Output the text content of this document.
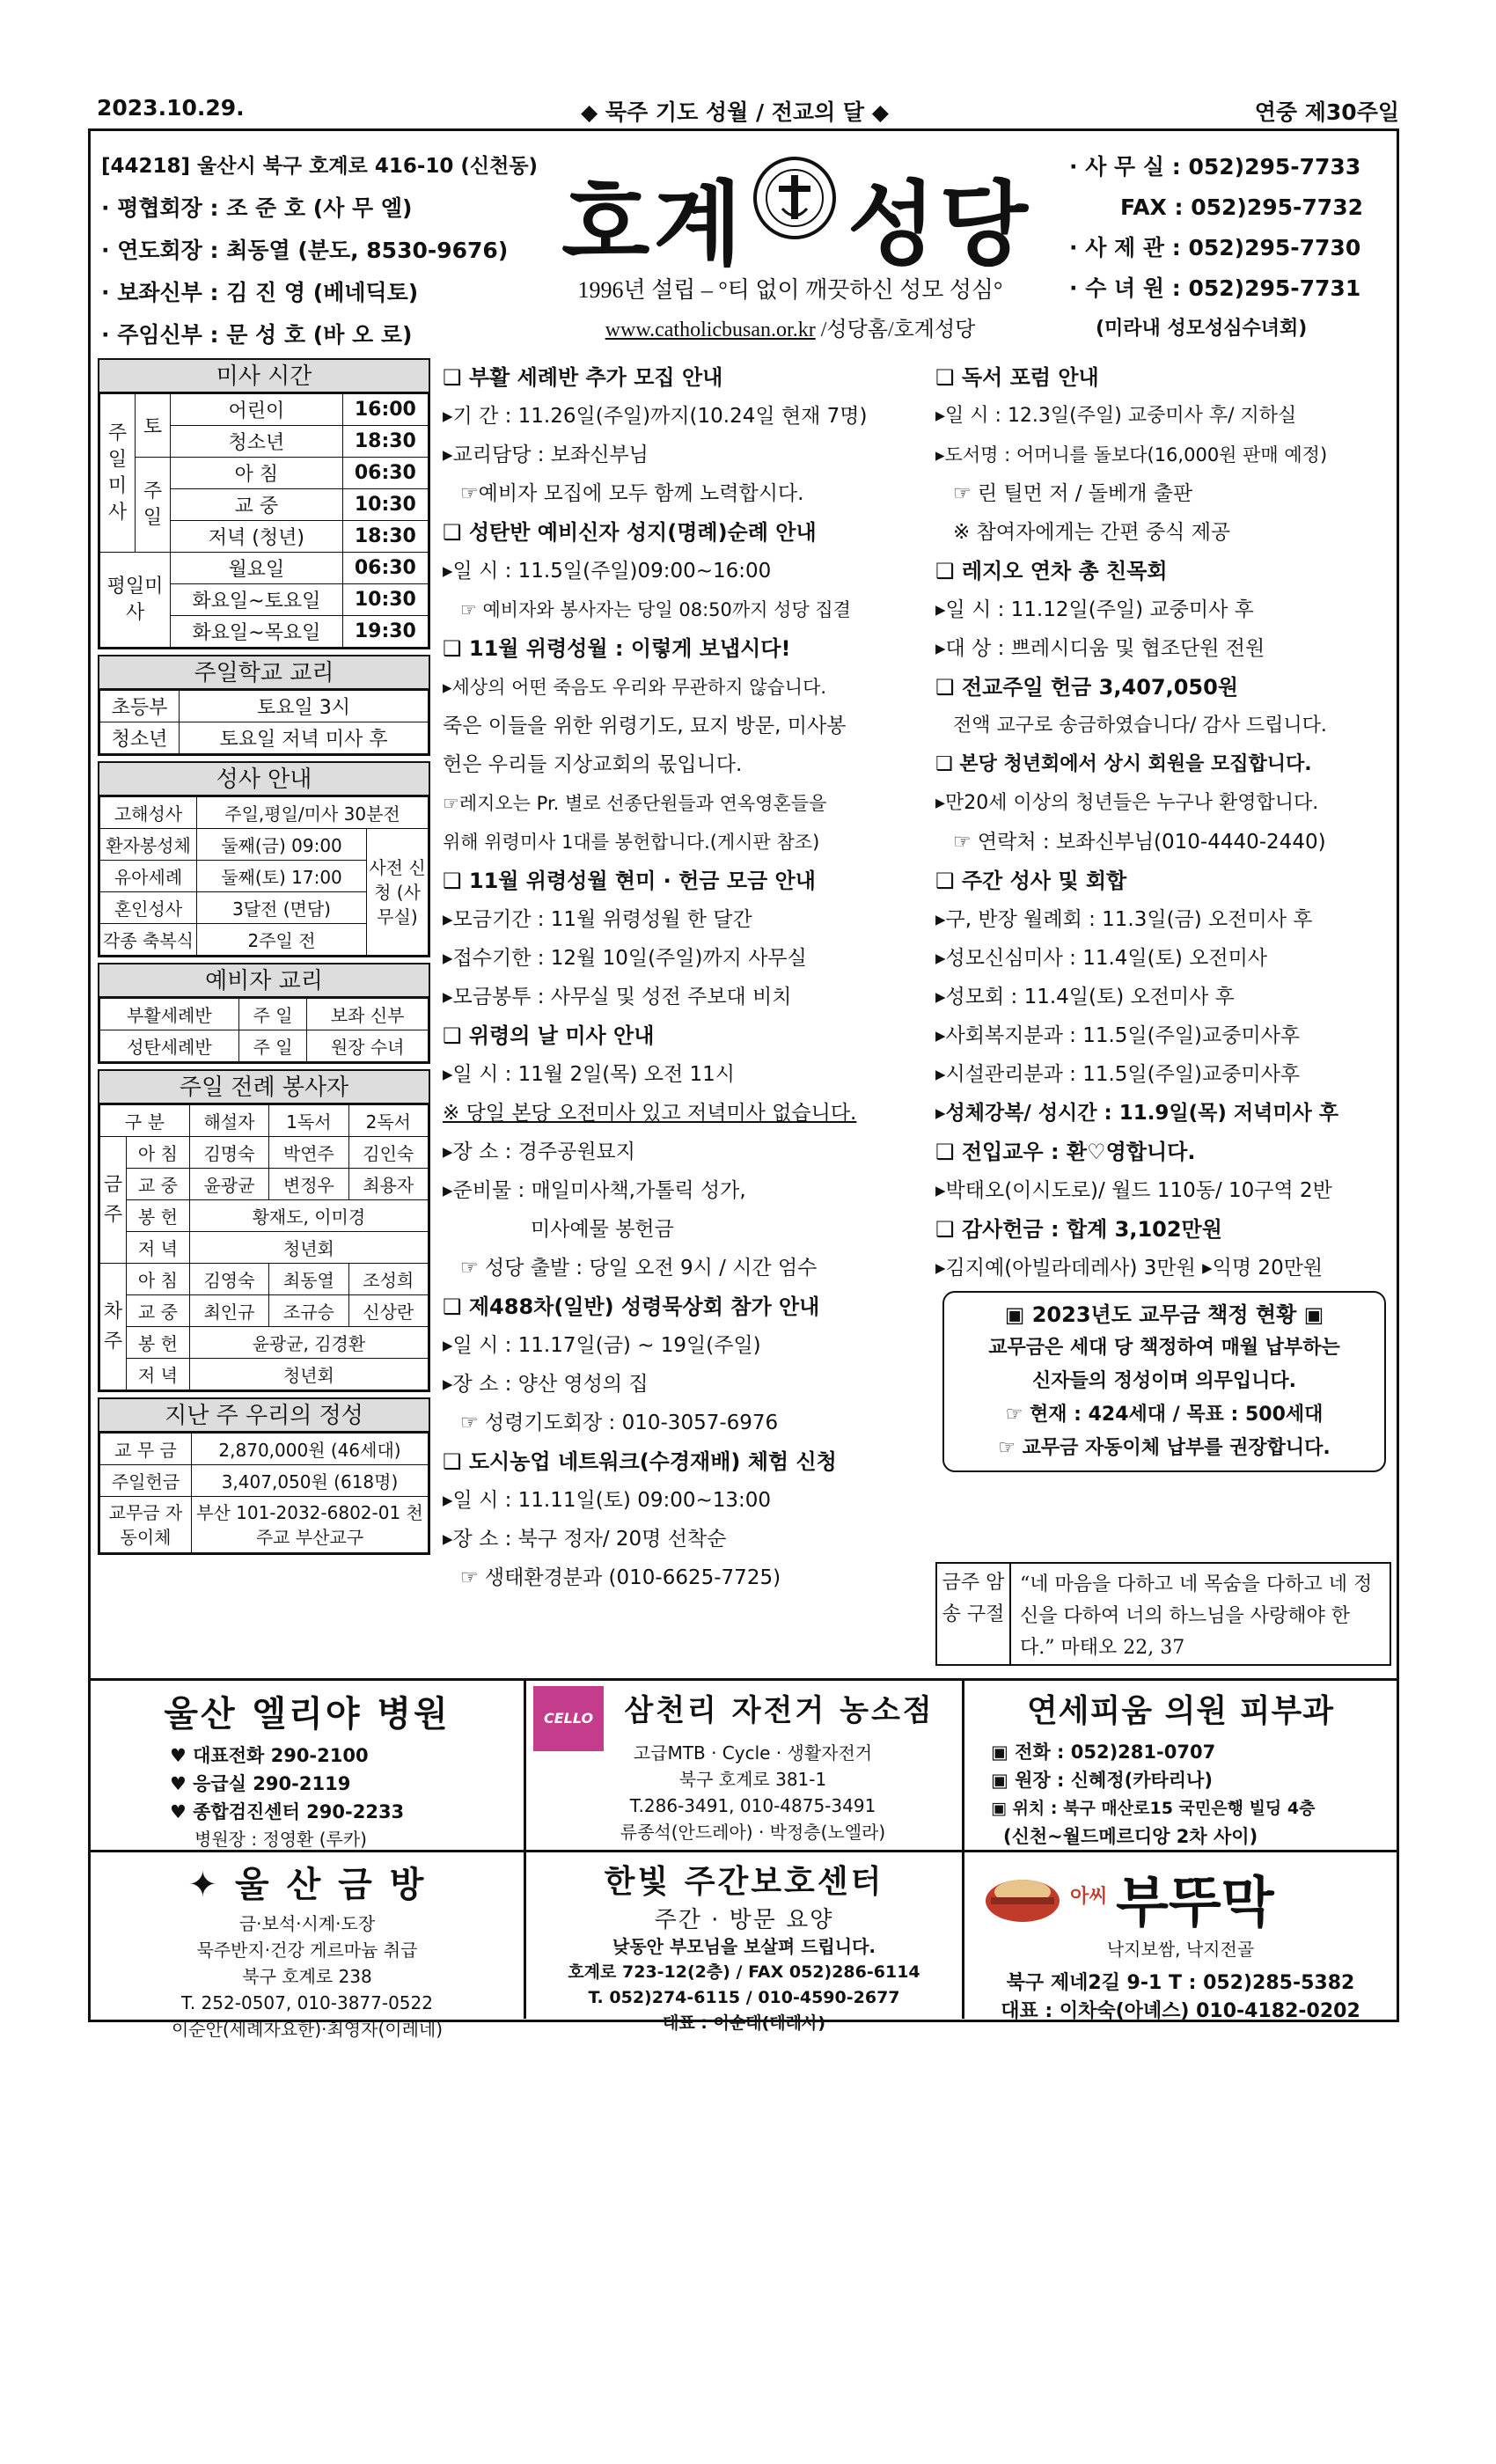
2023.10.29.	◆ 묵주 기도 성월 / 전교의 달 ◆	연중 제30주일
[44218] 울산시 북구 호계로 416-10 (신천동)
· 평협회장 : 조 준 호 (사 무 엘)
· 연도회장 : 최동열 (분도, 8530-9676)
· 보좌신부 : 김 진 영 (베네딕토)
· 주임신부 : 문 성 호 (바 오 로)
호계 성당
1996년 설립 – °티 없이 깨끗하신 성모 성심°
www.catholicbusan.or.kr /성당홈/호계성당
· 사 무 실 : 052)295-7733
FAX : 052)295-7732
· 사 제 관 : 052)295-7730
· 수 녀 원 : 052)295-7731
(미라내 성모성심수녀회)
미사 시간
주일미사	토	어린이	16:00
		청소년	18:30
	주일	아 침	06:30
		교 중	10:30
		저녁 (청년)	18:30
평일미사		월요일	06:30
		화요일~토요일	10:30
		화요일~목요일	19:30
주일학교 교리
초등부	토요일 3시
청소년	토요일 저녁 미사 후
성사 안내
고해성사	주일,평일/미사 30분전	
환자봉성체	둘째(금) 09:00	사전 신청 (사무실)
유아세례	둘째(토) 17:00	
혼인성사	3달전 (면담)	
각종 축복식	2주일 전	
예비자 교리
부활세례반	주 일	보좌 신부
성탄세례반	주 일	원장 수녀
주일 전례 봉사자
구 분		해설자	1독서	2독서
금주	아 침	김명숙	박연주	김인숙
	교 중	윤광균	변정우	최용자
	봉 헌	황재도, 이미경		
	저 녁	청년회		
차주	아 침	김영숙	최동열	조성희
	교 중	최인규	조규승	신상란
	봉 헌	윤광균, 김경환		
	저 녁	청년회		
지난 주 우리의 정성
교 무 금	2,870,000원 (46세대)
주일헌금	3,407,050원 (618명)
교무금 자동이체	부산 101-2032-6802-01 천주교 부산교구
❑ 부활 세례반 추가 모집 안내
▸기 간 : 11.26일(주일)까지(10.24일 현재 7명)
▸교리담당 : 보좌신부님
☞예비자 모집에 모두 함께 노력합시다.
❑ 성탄반 예비신자 성지(명례)순례 안내
▸일 시 : 11.5일(주일)09:00~16:00
☞ 예비자와 봉사자는 당일 08:50까지 성당 집결
❑ 11월 위령성월 : 이렇게 보냅시다!
▸세상의 어떤 죽음도 우리와 무관하지 않습니다.
죽은 이들을 위한 위령기도, 묘지 방문, 미사봉
헌은 우리들 지상교회의 몫입니다.
☞레지오는 Pr. 별로 선종단원들과 연옥영혼들을
위해 위령미사 1대를 봉헌합니다.(게시판 참조)
❑ 11월 위령성월 현미 · 헌금 모금 안내
▸모금기간 : 11월 위령성월 한 달간
▸접수기한 : 12월 10일(주일)까지 사무실
▸모금봉투 : 사무실 및 성전 주보대 비치
❑ 위령의 날 미사 안내
▸일 시 : 11월 2일(목) 오전 11시
※ 당일 본당 오전미사 있고 저녁미사 없습니다.
▸장 소 : 경주공원묘지
▸준비물 : 매일미사책,가톨릭 성가,
미사예물 봉헌금
☞ 성당 출발 : 당일 오전 9시 / 시간 엄수
❑ 제488차(일반) 성령묵상회 참가 안내
▸일 시 : 11.17일(금) ~ 19일(주일)
▸장 소 : 양산 영성의 집
☞ 성령기도회장 : 010-3057-6976
❑ 도시농업 네트워크(수경재배) 체험 신청
▸일 시 : 11.11일(토) 09:00~13:00
▸장 소 : 북구 정자/ 20명 선착순
☞ 생태환경분과 (010-6625-7725)
❑ 독서 포럼 안내
▸일 시 : 12.3일(주일) 교중미사 후/ 지하실
▸도서명 : 어머니를 돌보다(16,000원 판매 예정)
☞ 린 틸먼 저 / 돌베개 출판
※ 참여자에게는 간편 중식 제공
❑ 레지오 연차 총 친목회
▸일 시 : 11.12일(주일) 교중미사 후
▸대 상 : 쁘레시디움 및 협조단원 전원
❑ 전교주일 헌금 3,407,050원
전액 교구로 송금하였습니다/ 감사 드립니다.
❑ 본당 청년회에서 상시 회원을 모집합니다.
▸만20세 이상의 청년들은 누구나 환영합니다.
☞ 연락처 : 보좌신부님(010-4440-2440)
❑ 주간 성사 및 회합
▸구, 반장 월례회 : 11.3일(금) 오전미사 후
▸성모신심미사 : 11.4일(토) 오전미사
▸성모회 : 11.4일(토) 오전미사 후
▸사회복지분과 : 11.5일(주일)교중미사후
▸시설관리분과 : 11.5일(주일)교중미사후
▸성체강복/ 성시간 : 11.9일(목) 저녁미사 후
❑ 전입교우 : 환♡영합니다.
▸박태오(이시도로)/ 월드 110동/ 10구역 2반
❑ 감사헌금 : 합계 3,102만원
▸김지예(아빌라데레사) 3만원 ▸익명 20만원
▣ 2023년도 교무금 책정 현황 ▣
교무금은 세대 당 책정하여 매월 납부하는
신자들의 정성이며 의무입니다.
☞ 현재 : 424세대 / 목표 : 500세대
☞ 교무금 자동이체 납부를 권장합니다.
금주 암송 구절
“네 마음을 다하고 네 목숨을 다하고 네 정신을 다하여 너의 하느님을 사랑해야 한다.” 마태오 22, 37
울산 엘리야 병원
♥ 대표전화 290-2100
♥ 응급실 290-2119
♥ 종합검진센터 290-2233
병원장 : 정영환 (루카)
CELLO	삼천리 자전거 농소점
고급MTB · Cycle · 생활자전거
북구 호계로 381-1
T.286-3491, 010-4875-3491
류종석(안드레아) · 박정층(노엘라)
연세피움 의원 피부과
▣ 전화 : 052)281-0707
▣ 원장 : 신혜정(카타리나)
▣ 위치 : 북구 매산로15 국민은행 빌딩 4층
(신천~월드메르디앙 2차 사이)
✦ 울 산 금 방
금·보석·시계·도장
묵주반지·건강 게르마늄 취급
북구 호계로 238
T. 252-0507, 010-3877-0522
이순안(세례자요한)·최영자(이레네)
한빛 주간보호센터
주간 · 방문 요양
낮동안 부모님을 보살펴 드립니다.
호계로 723-12(2층) / FAX 052)286-6114
T. 052)274-6115 / 010-4590-2677
대표 : 이순태(데레사)
아씨 부뚜막
낙지보쌈, 낙지전골
북구 제네2길 9-1 T : 052)285-5382
대표 : 이차숙(아녜스) 010-4182-0202
